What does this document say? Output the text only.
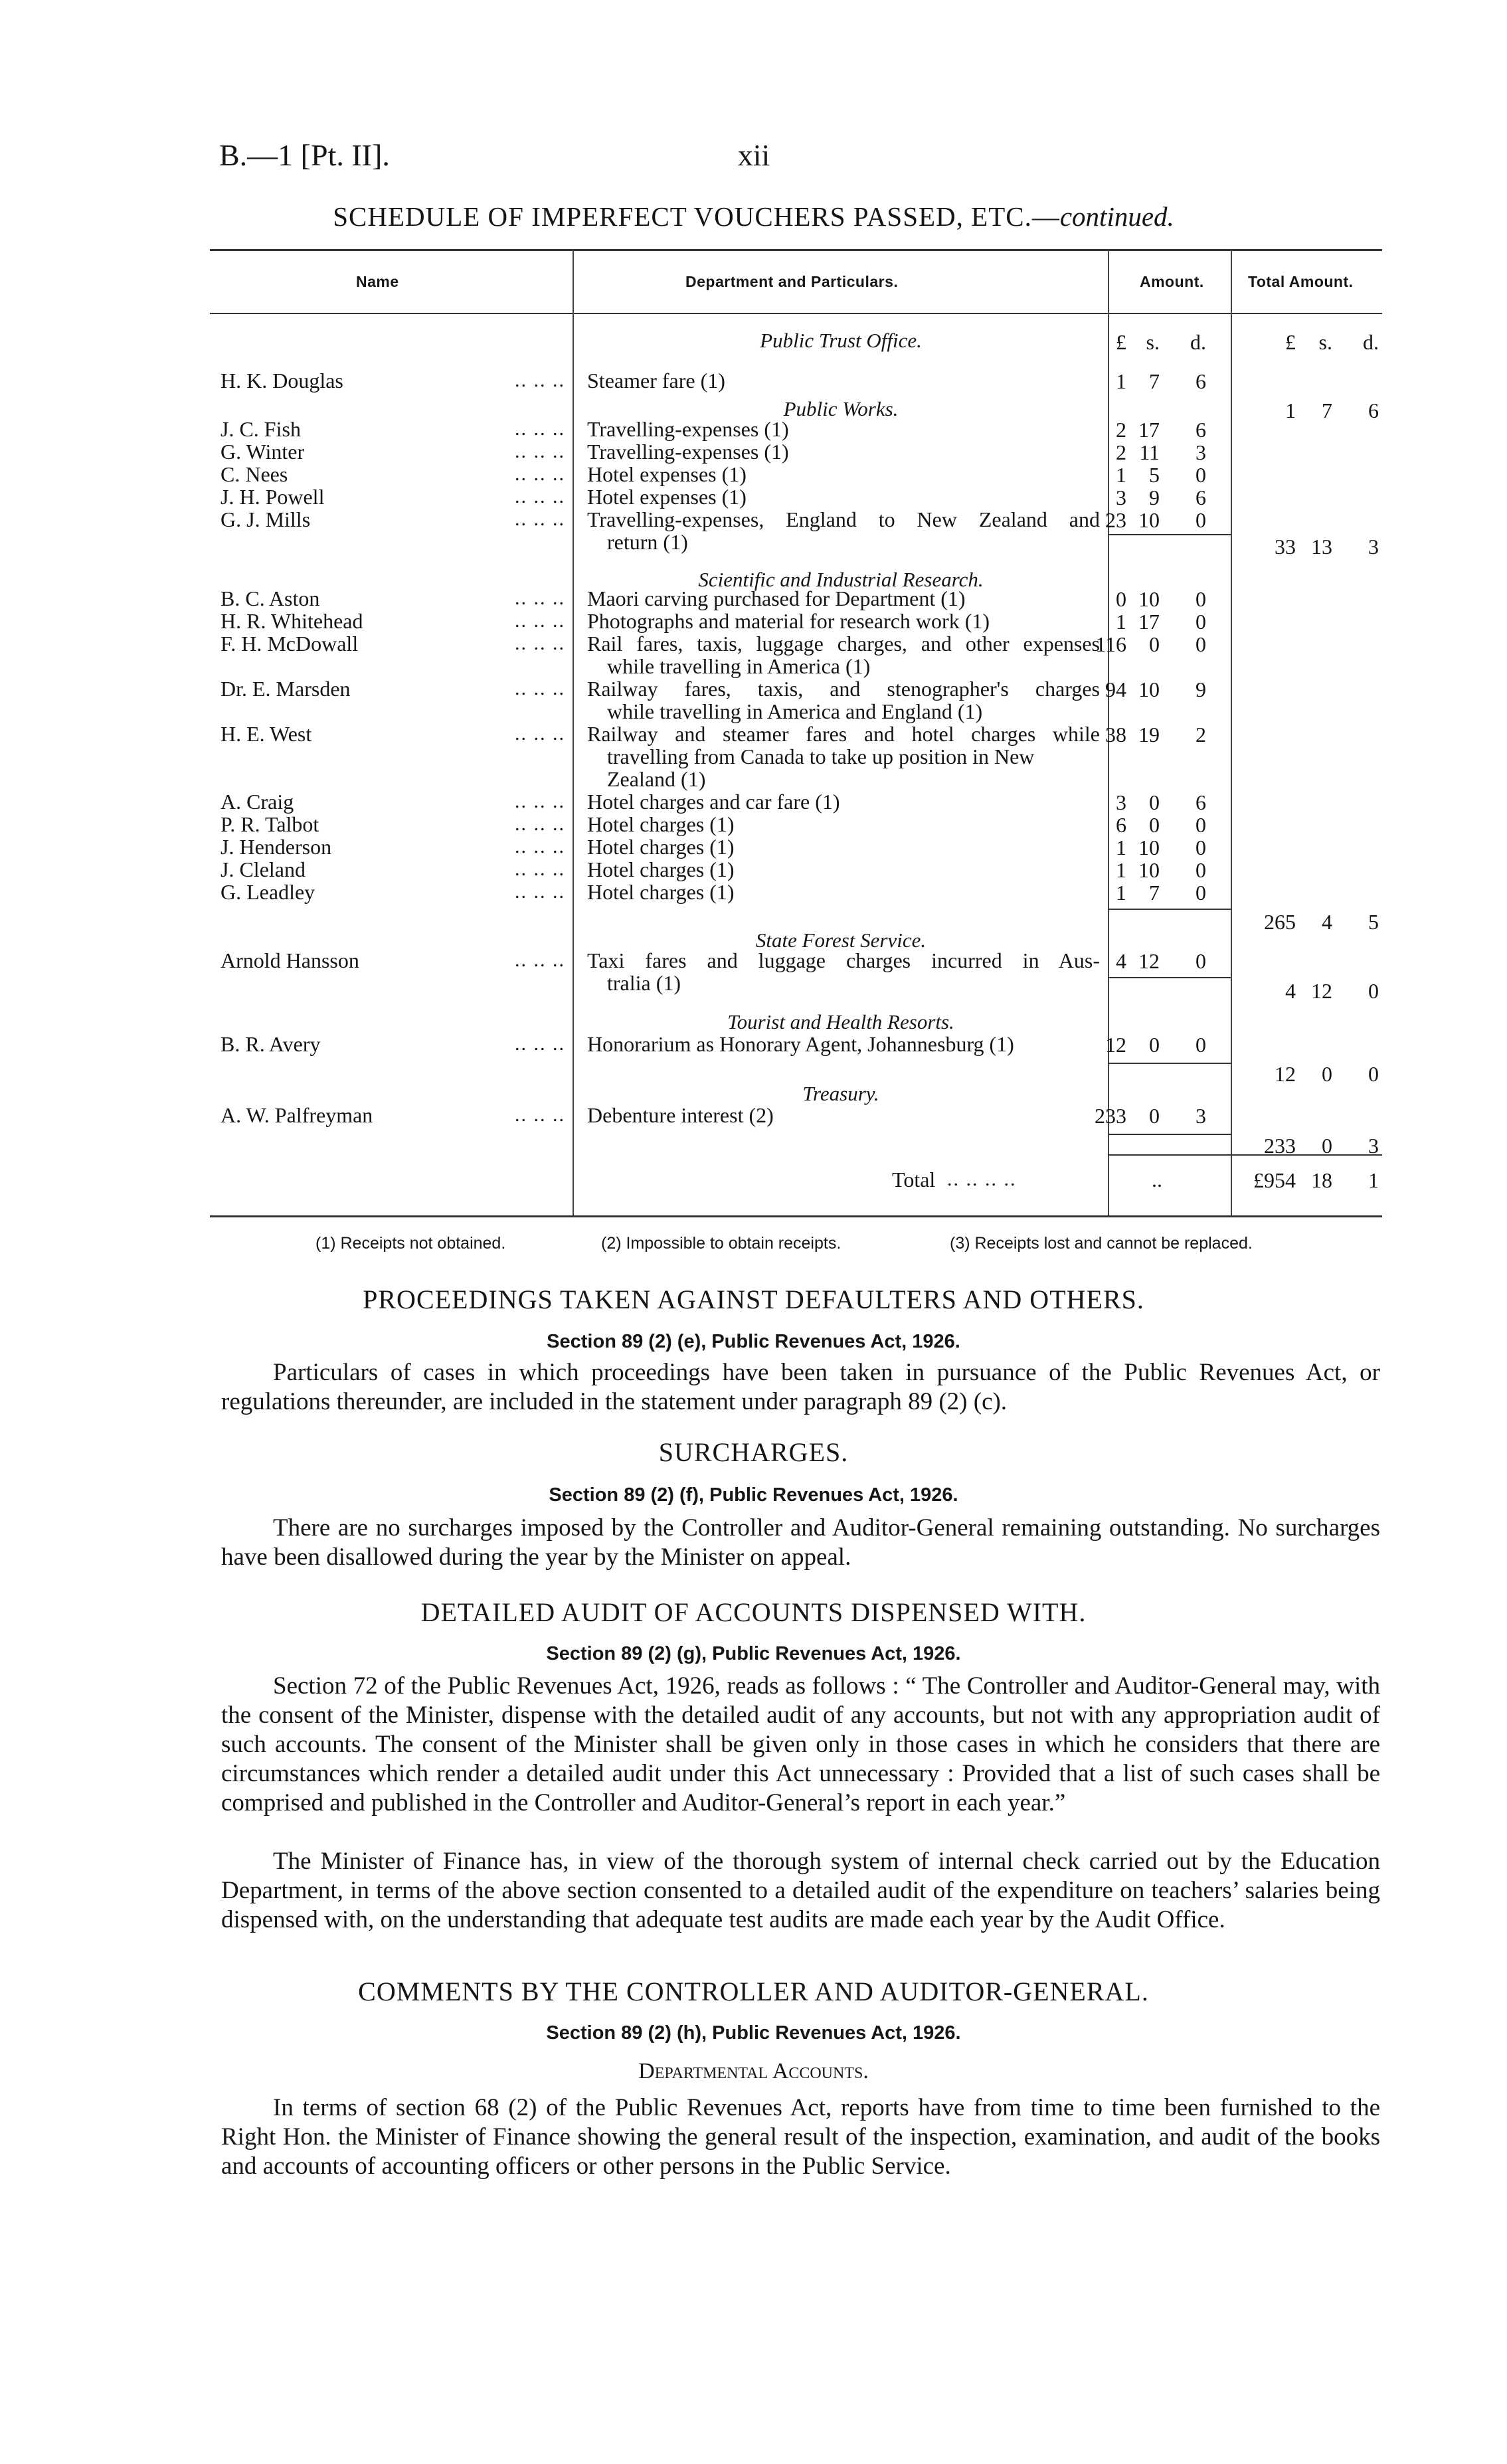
B.—1 [Pt. II].	xii
SCHEDULE OF IMPERFECT VOUCHERS PASSED, ETC.—continued.
Name	Department and Particulars.	Amount.	Total Amount.
£ s.	d.	£	s.	d.
Public Trust Office.
H. K. Douglas	.. .. .. Steamer fare (1)	1	7	6
1	7	6
Public Works.
J. C. Fish	.. .. .. Travelling-expenses (1)	2 17	6
G. Winter	.. .. .. Travelling-expenses (1)	2 11	3
C. Nees	.. .. .. Hotel expenses (1)	1	5	0
J. H. Powell	.. .. .. Hotel expenses (1)	3	9	6
G. J. Mills	.. .. .. Travelling-expenses, England to New Zealand and
return (1)
23 10	0
33 13	3
Scientific and Industrial Research.
B. C. Aston	.. .. .. Maori carving purchased for Department (1)	0 10	0
H. R. Whitehead	.. .. .. Photographs and material for research work (1)	1 17	0
F. H. McDowall	.. .. .. Rail fares, taxis, luggage charges, and other expenses
while travelling in America (1)
116	0	0
Dr. E. Marsden	.. .. .. Railway fares, taxis, and stenographer's charges
while travelling in America and England (1)
94 10	9
H. E. West	.. .. .. Railway and steamer fares and hotel charges while
travelling from Canada to take up position in New
Zealand (1)
38 19	2
A. Craig	.. .. .. Hotel charges and car fare (1)	3	0	6
P. R. Talbot	.. .. .. Hotel charges (1)	6	0	0
J. Henderson	.. .. .. Hotel charges (1)	1 10	0
J. Cleland	.. .. .. Hotel charges (1)	1 10	0
G. Leadley	.. .. .. Hotel charges (1)	1	7	0
265	4	5
State Forest Service.
Arnold Hansson	.. .. .. Taxi fares and luggage charges incurred in Aus-
tralia (1)
4 12	0
4 12	0
Tourist and Health Resorts.
B. R. Avery	.. .. .. Honorarium as Honorary Agent, Johannesburg (1)	12	0	0
12	0	0
Treasury.
A. W. Palfreyman	.. .. .. Debenture interest (2)	233	0	3
233	0	3
Total .. .. .. ..	..	£954 18	1
(1) Receipts not obtained.	(2) Impossible to obtain receipts.	(3) Receipts lost and cannot be replaced.
PROCEEDINGS TAKEN AGAINST DEFAULTERS AND OTHERS.
Section 89 (2) (e), Public Revenues Act, 1926.
Particulars of cases in which proceedings have been taken in pursuance of the Public Revenues Act, or regulations thereunder, are included in the statement under paragraph 89 (2) (c).
SURCHARGES.
Section 89 (2) (f), Public Revenues Act, 1926.
There are no surcharges imposed by the Controller and Auditor-General remaining outstanding. No surcharges have been disallowed during the year by the Minister on appeal.
DETAILED AUDIT OF ACCOUNTS DISPENSED WITH.
Section 89 (2) (g), Public Revenues Act, 1926.
Section 72 of the Public Revenues Act, 1926, reads as follows : “ The Controller and Auditor-General may, with the consent of the Minister, dispense with the detailed audit of any accounts, but not with any appropriation audit of such accounts. The consent of the Minister shall be given only in those cases in which he considers that there are circumstances which render a detailed audit under this Act unnecessary : Provided that a list of such cases shall be comprised and published in the Controller and Auditor-General’s report in each year.”
The Minister of Finance has, in view of the thorough system of internal check carried out by the Education Department, in terms of the above section consented to a detailed audit of the expenditure on teachers’ salaries being dispensed with, on the understanding that adequate test audits are made each year by the Audit Office.
COMMENTS BY THE CONTROLLER AND AUDITOR-GENERAL.
Section 89 (2) (h), Public Revenues Act, 1926.
Departmental Accounts.
In terms of section 68 (2) of the Public Revenues Act, reports have from time to time been furnished to the Right Hon. the Minister of Finance showing the general result of the inspection, examination, and audit of the books and accounts of accounting officers or other persons in the Public Service.
